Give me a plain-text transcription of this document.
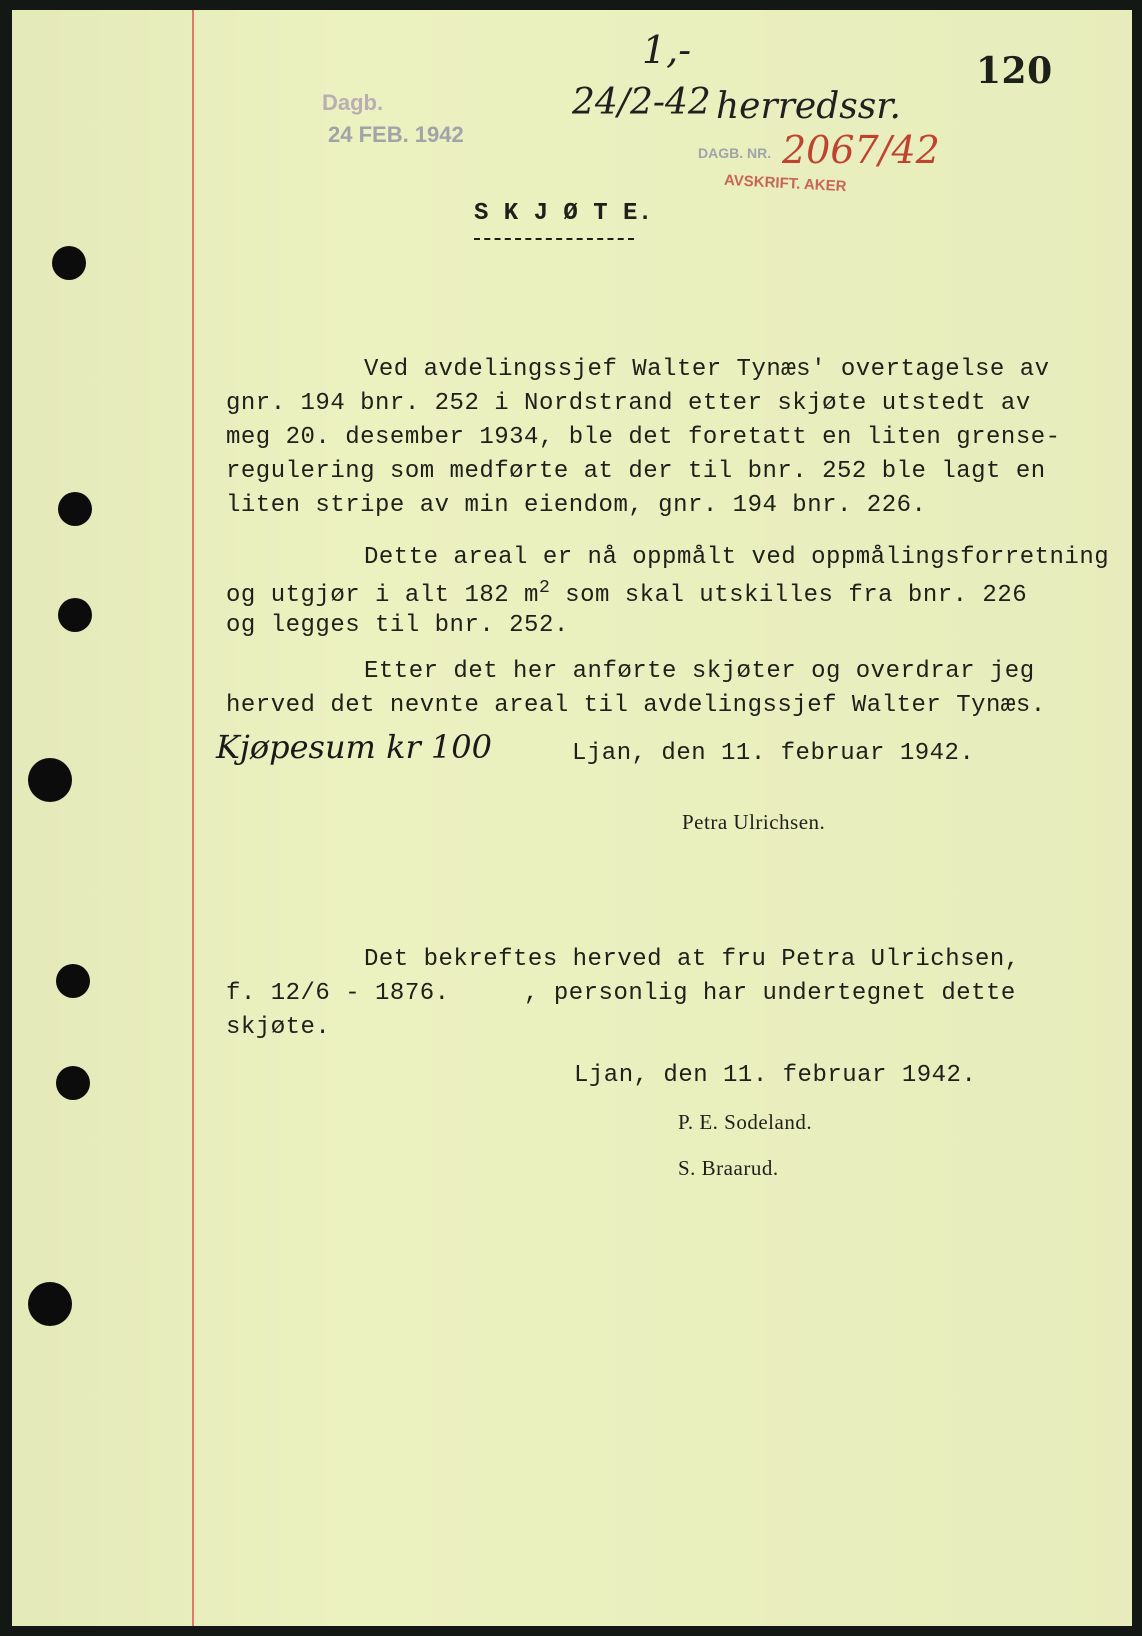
120
Dagb.
24 FEB. 1942
DAGB. NR. 2067/42
AVSKRIFT. AKER
1,-
24/2-42 herredssr.
S K J Ø T E.
Ved avdelingssjef Walter Tynæs' overtagelse av
gnr. 194 bnr. 252 i Nordstrand etter skjøte utstedt av
meg 20. desember 1934, ble det foretatt en liten grense-
regulering som medførte at der til bnr. 252 ble lagt en
liten stripe av min eiendom, gnr. 194 bnr. 226.
Dette areal er nå oppmålt ved oppmålingsforretning
og utgjør i alt 182 $m^2$ som skal utskilles fra bnr. 226
og legges til bnr. 252.
Etter det her anførte skjøter og overdrar jeg
herved det nevnte areal til avdelingssjef Walter Tynæs.
Kjøpesum kr 100	Ljan, den 11. februar 1942.
Petra Ulrichsen.
Det bekreftes herved at fru Petra Ulrichsen,
f. 12/6 - 1876.     , personlig har undertegnet dette
skjøte.
Ljan, den 11. februar 1942.
P. E. Sodeland.
S. Braarud.
